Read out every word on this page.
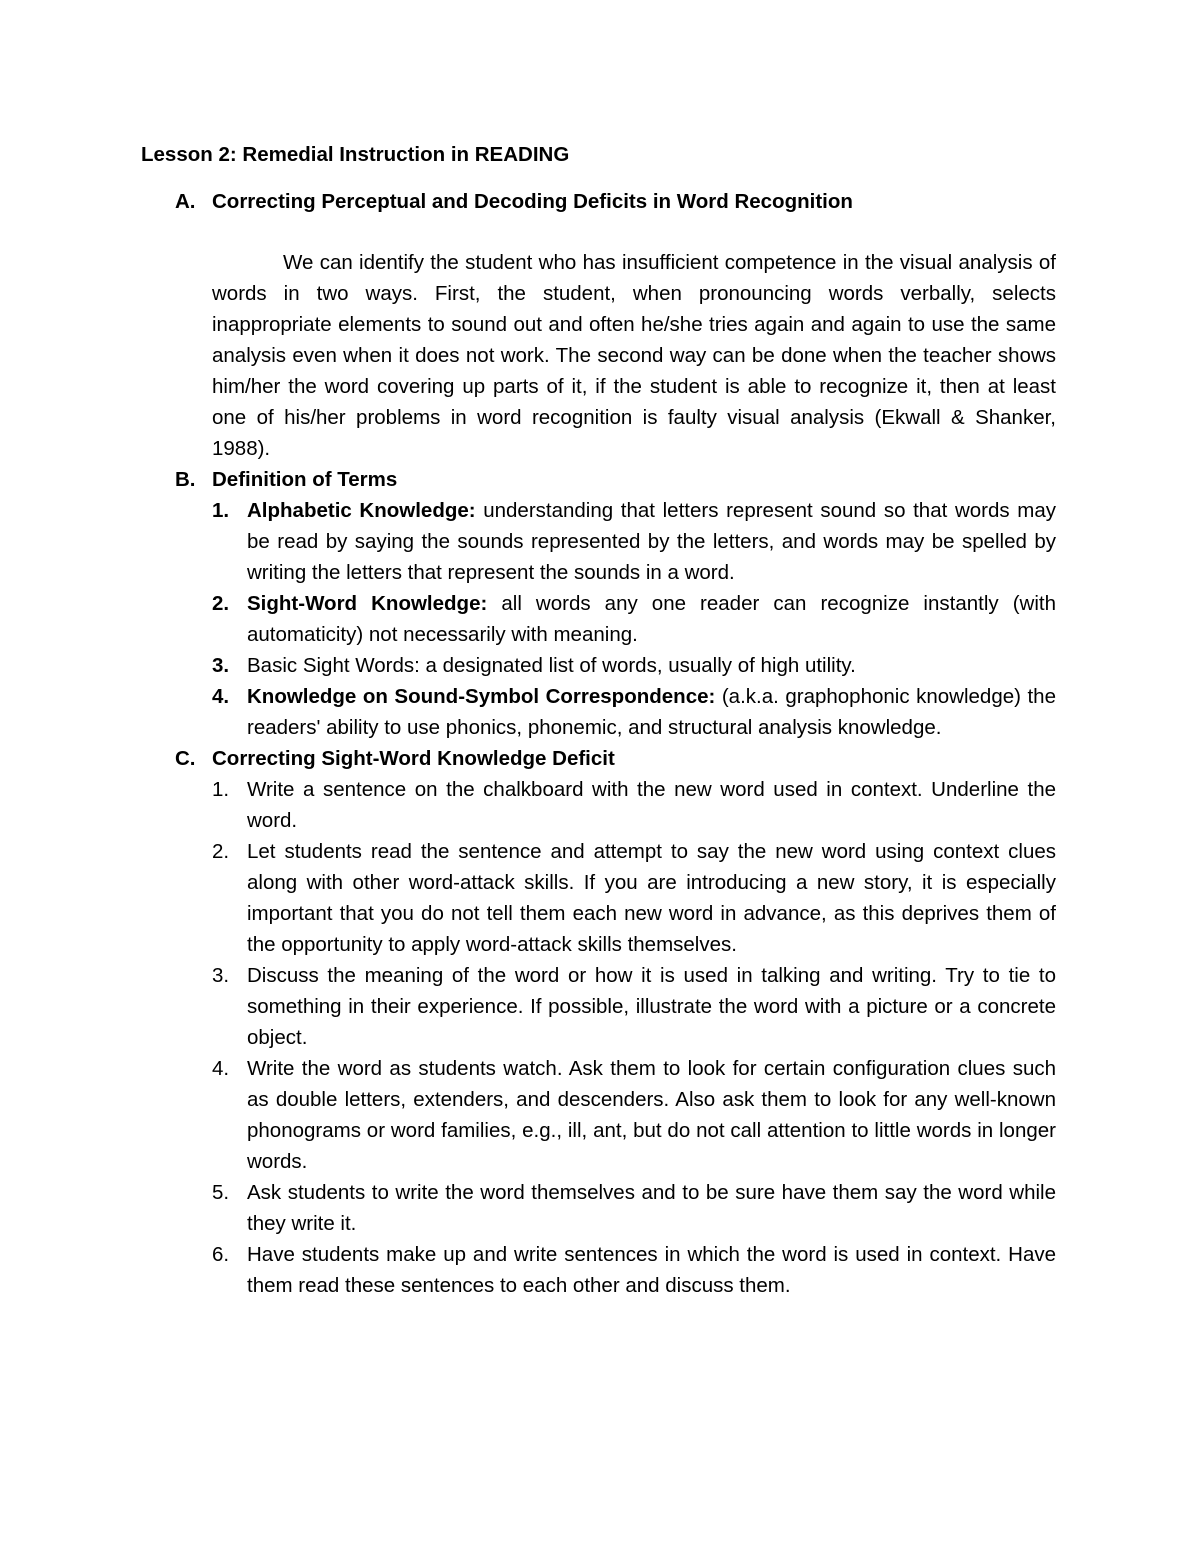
Lesson 2: Remedial Instruction in READING
A. Correcting Perceptual and Decoding Deficits in Word Recognition

We can identify the student who has insufficient competence in the visual analysis of words in two ways. First, the student, when pronouncing words verbally, selects inappropriate elements to sound out and often he/she tries again and again to use the same analysis even when it does not work. The second way can be done when the teacher shows him/her the word covering up parts of it, if the student is able to recognize it, then at least one of his/her problems in word recognition is faulty visual analysis (Ekwall & Shanker, 1988).

B. Definition of Terms
1. Alphabetic Knowledge: understanding that letters represent sound so that words may be read by saying the sounds represented by the letters, and words may be spelled by writing the letters that represent the sounds in a word.
2. Sight-Word Knowledge: all words any one reader can recognize instantly (with automaticity) not necessarily with meaning.
3. Basic Sight Words: a designated list of words, usually of high utility.
4. Knowledge on Sound-Symbol Correspondence: (a.k.a. graphophonic knowledge) the readers' ability to use phonics, phonemic, and structural analysis knowledge.
C. Correcting Sight-Word Knowledge Deficit
1. Write a sentence on the chalkboard with the new word used in context. Underline the word.
2. Let students read the sentence and attempt to say the new word using context clues along with other word-attack skills. If you are introducing a new story, it is especially important that you do not tell them each new word in advance, as this deprives them of the opportunity to apply word-attack skills themselves.
3. Discuss the meaning of the word or how it is used in talking and writing. Try to tie to something in their experience. If possible, illustrate the word with a picture or a concrete object.
4. Write the word as students watch. Ask them to look for certain configuration clues such as double letters, extenders, and descenders. Also ask them to look for any well-known phonograms or word families, e.g., ill, ant, but do not call attention to little words in longer words.
5. Ask students to write the word themselves and to be sure have them say the word while they write it.
6. Have students make up and write sentences in which the word is used in context. Have them read these sentences to each other and discuss them.
